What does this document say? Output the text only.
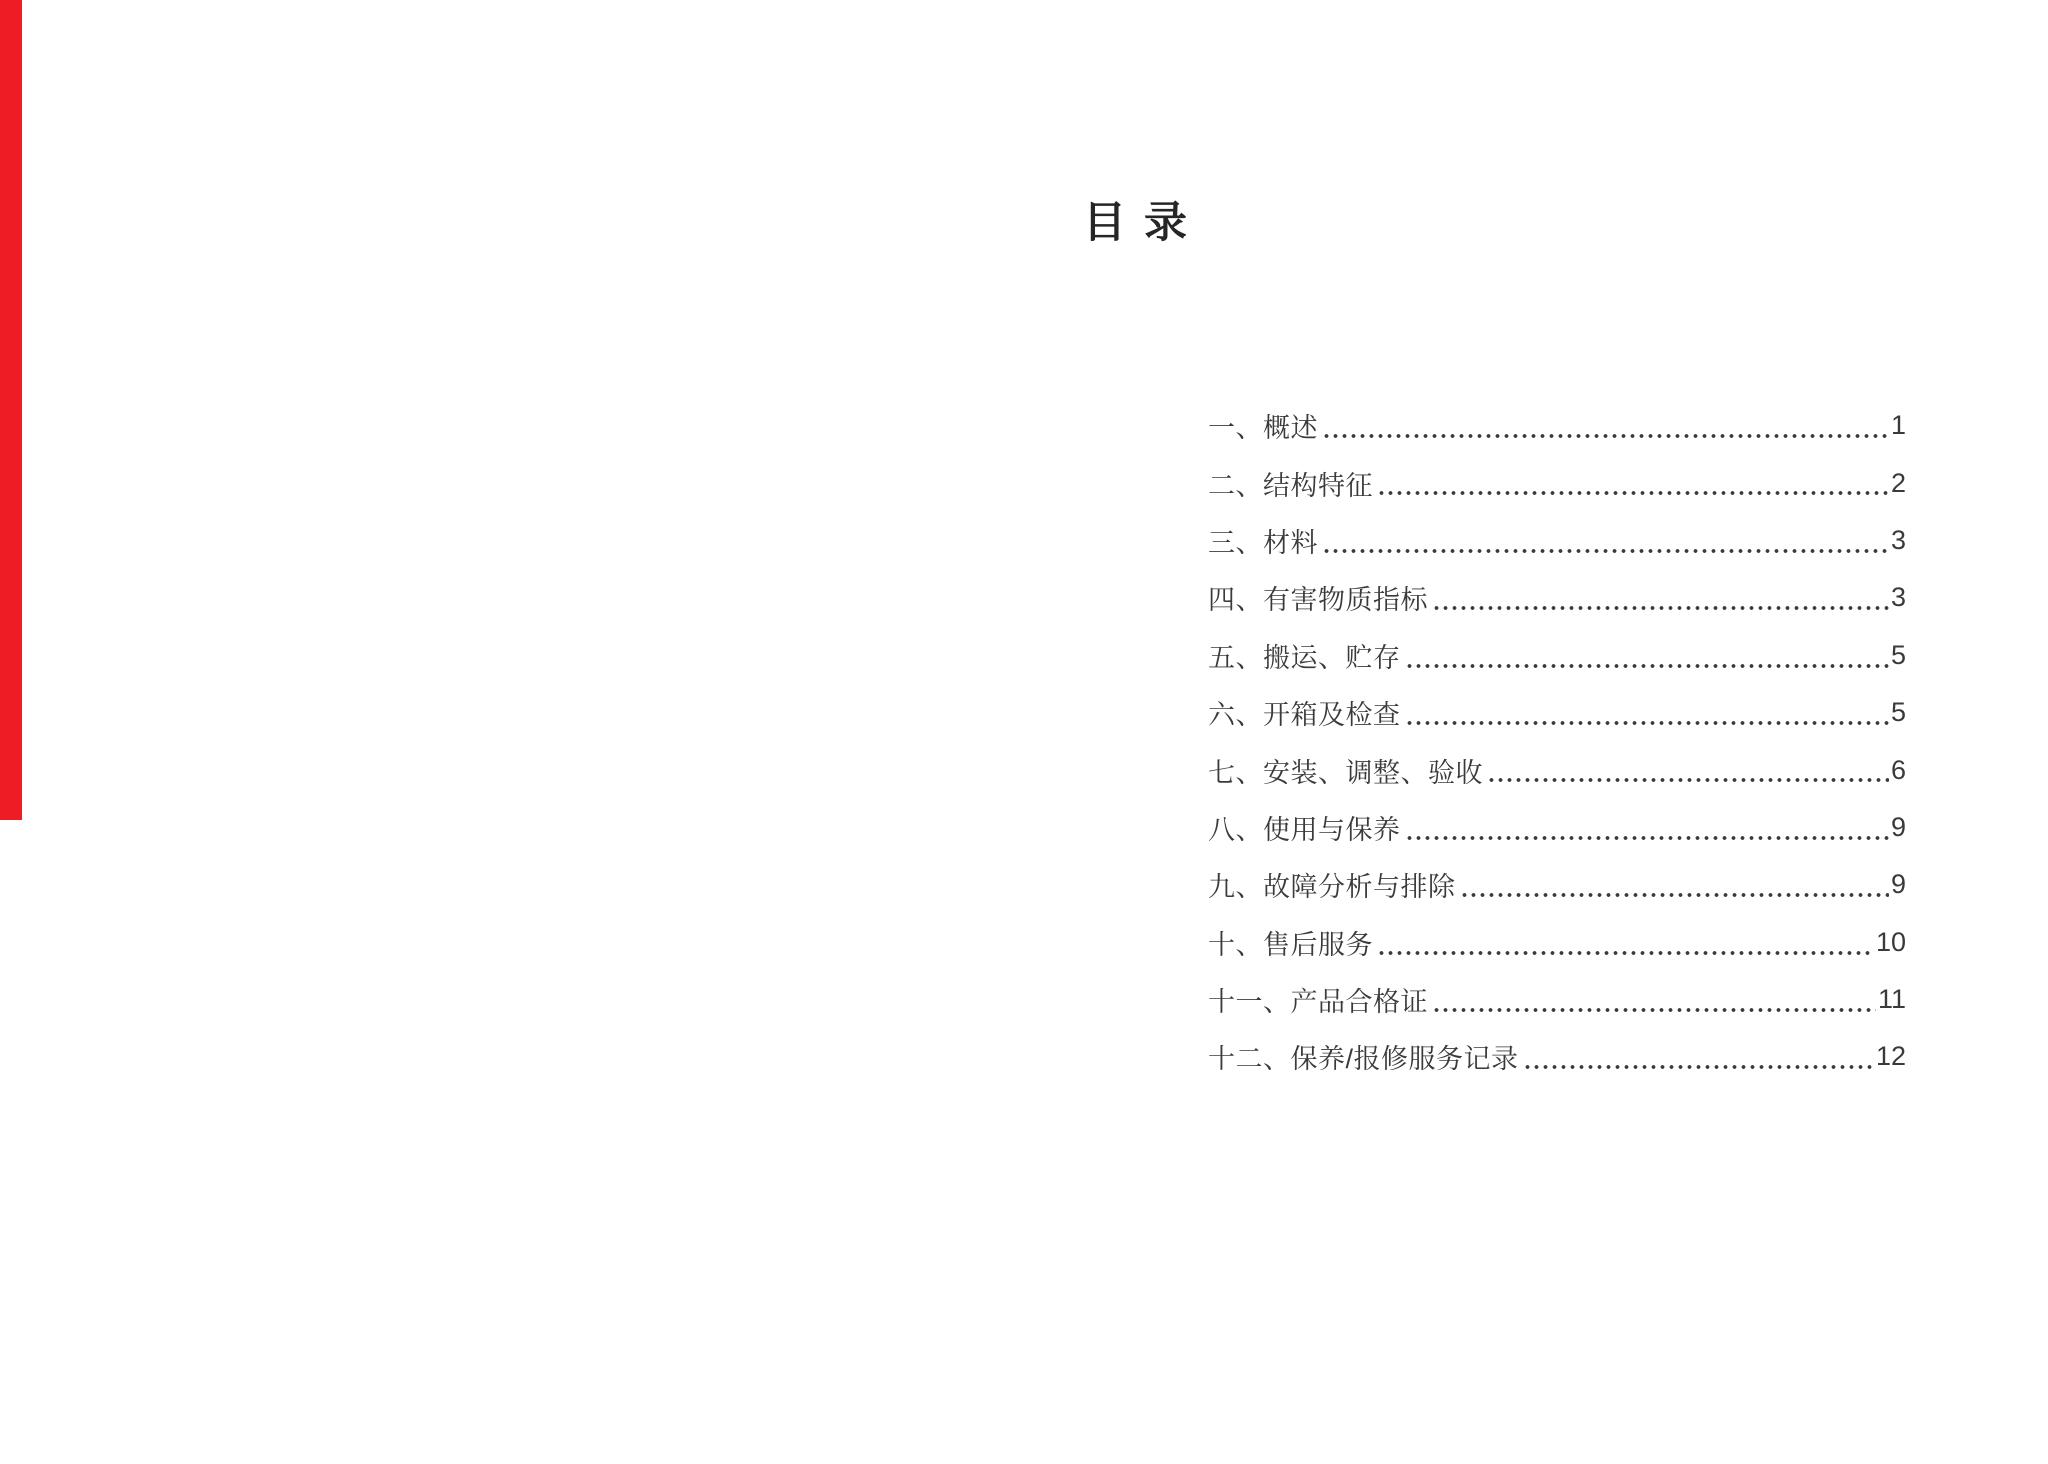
目 录
一、概述	1
二、结构特征	2
三、材料	3
四、有害物质指标	3
五、搬运、贮存	5
六、开箱及检查	5
七、安装、调整、验收	6
八、使用与保养	9
九、故障分析与排除	9
十、售后服务	10
十一、产品合格证	11
十二、保养/报修服务记录	12
